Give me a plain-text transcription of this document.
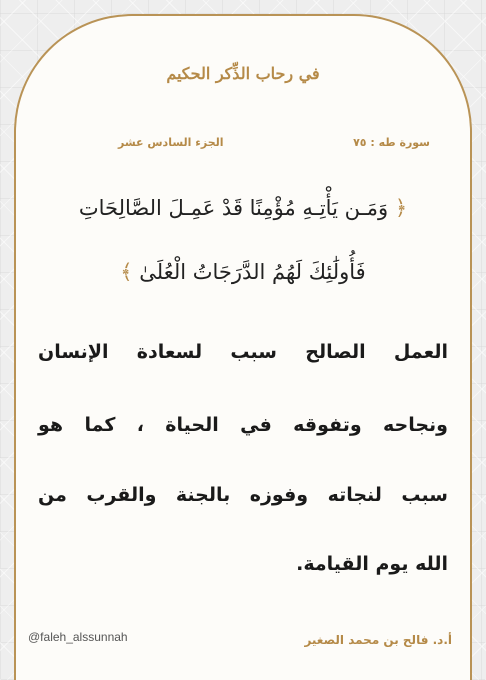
في رحاب الذِّكر الحكيم
سورة طه : ٧٥
الجزء السادس عشر
﴿ وَمَـن يَأْتِـهِ مُؤْمِنًا قَدْ عَمِـلَ الصَّالِحَاتِ
فَأُولَٰئِكَ لَهُمُ الدَّرَجَاتُ الْعُلَىٰ ﴾
العمل الصالح سبب لسعادة الإنسان
ونجاحه وتفوقه في الحياة ، كما هو
سبب لنجاته وفوزه بالجنة والقرب من
الله يوم القيامة.
@faleh_alssunnah	أ.د. فالح بن محمد الصغير
